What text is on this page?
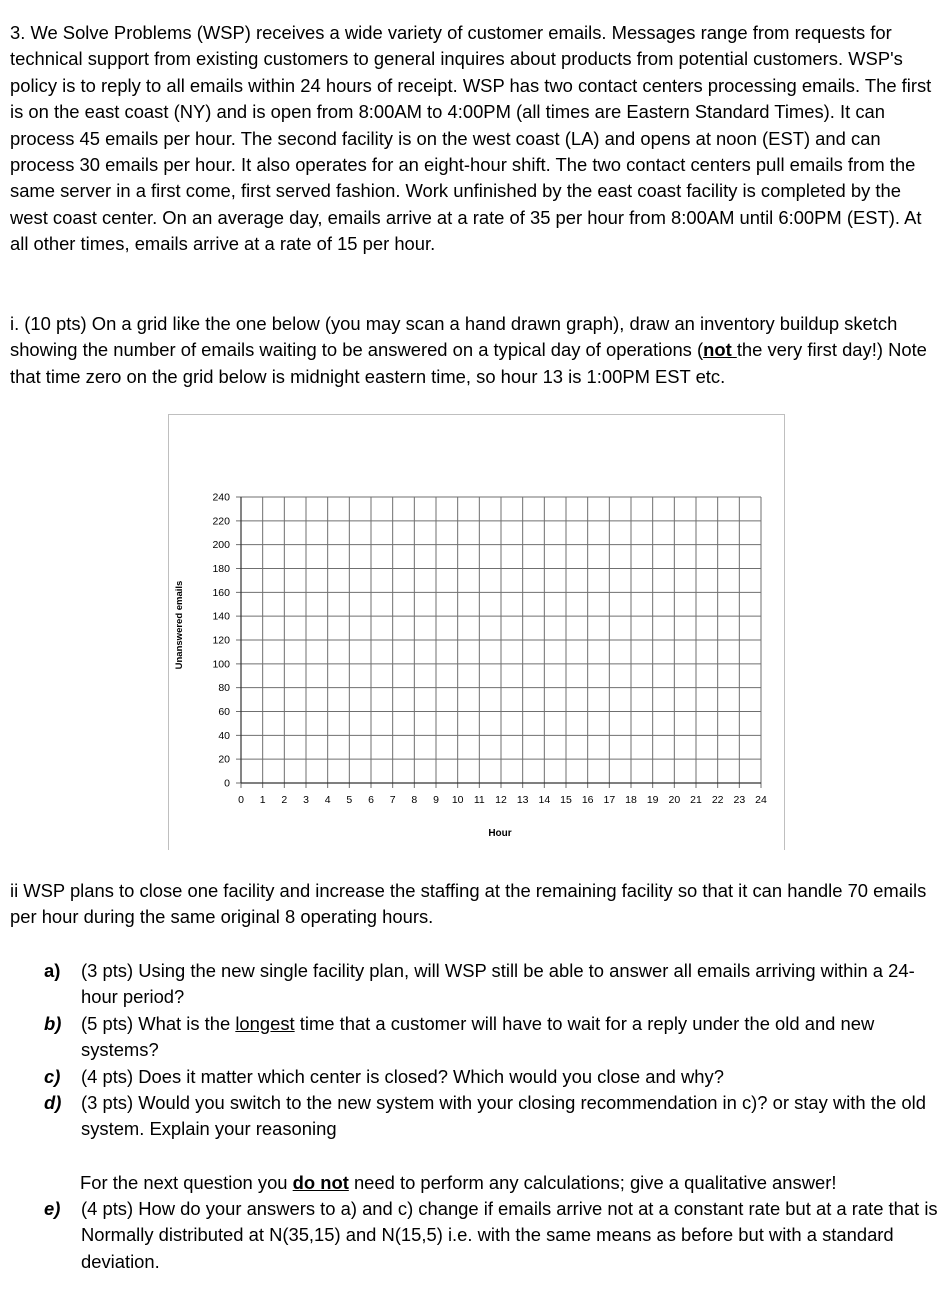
3. We Solve Problems (WSP) receives a wide variety of customer emails. Messages range from requests for technical support from existing customers to general inquires about products from potential customers. WSP's policy is to reply to all emails within 24 hours of receipt. WSP has two contact centers processing emails. The first is on the east coast (NY) and is open from 8:00AM to 4:00PM (all times are Eastern Standard Times). It can process 45 emails per hour. The second facility is on the west coast (LA) and opens at noon (EST) and can process 30 emails per hour. It also operates for an eight-hour shift. The two contact centers pull emails from the same server in a first come, first served fashion. Work unfinished by the east coast facility is completed by the west coast center. On an average day, emails arrive at a rate of 35 per hour from 8:00AM until 6:00PM (EST). At all other times, emails arrive at a rate of 15 per hour.

i. (10 pts) On a grid like the one below (you may scan a hand drawn graph), draw an inventory buildup sketch showing the number of emails waiting to be answered on a typical day of operations (not the very first day!) Note that time zero on the grid below is midnight eastern time, so hour 13 is 1:00PM EST etc.

0
20
40
60
80
100
120
140
160
180
200
220
240
0 1 2 3 4 5 6 7 8 9 10 11 12 13 14 15 16 17 18 19 20 21 22 23 24
Unanswered emails
Hour

ii WSP plans to close one facility and increase the staffing at the remaining facility so that it can handle 70 emails per hour during the same original 8 operating hours.

a) (3 pts) Using the new single facility plan, will WSP still be able to answer all emails arriving within a 24-hour period?
b) (5 pts) What is the longest time that a customer will have to wait for a reply under the old and new systems?
c) (4 pts) Does it matter which center is closed? Which would you close and why?
d) (3 pts) Would you switch to the new system with your closing recommendation in c)? or stay with the old system. Explain your reasoning

For the next question you do not need to perform any calculations; give a qualitative answer!

e) (4 pts) How do your answers to a) and c) change if emails arrive not at a constant rate but at a rate that is Normally distributed at N(35,15) and N(15,5) i.e. with the same means as before but with a standard deviation.
